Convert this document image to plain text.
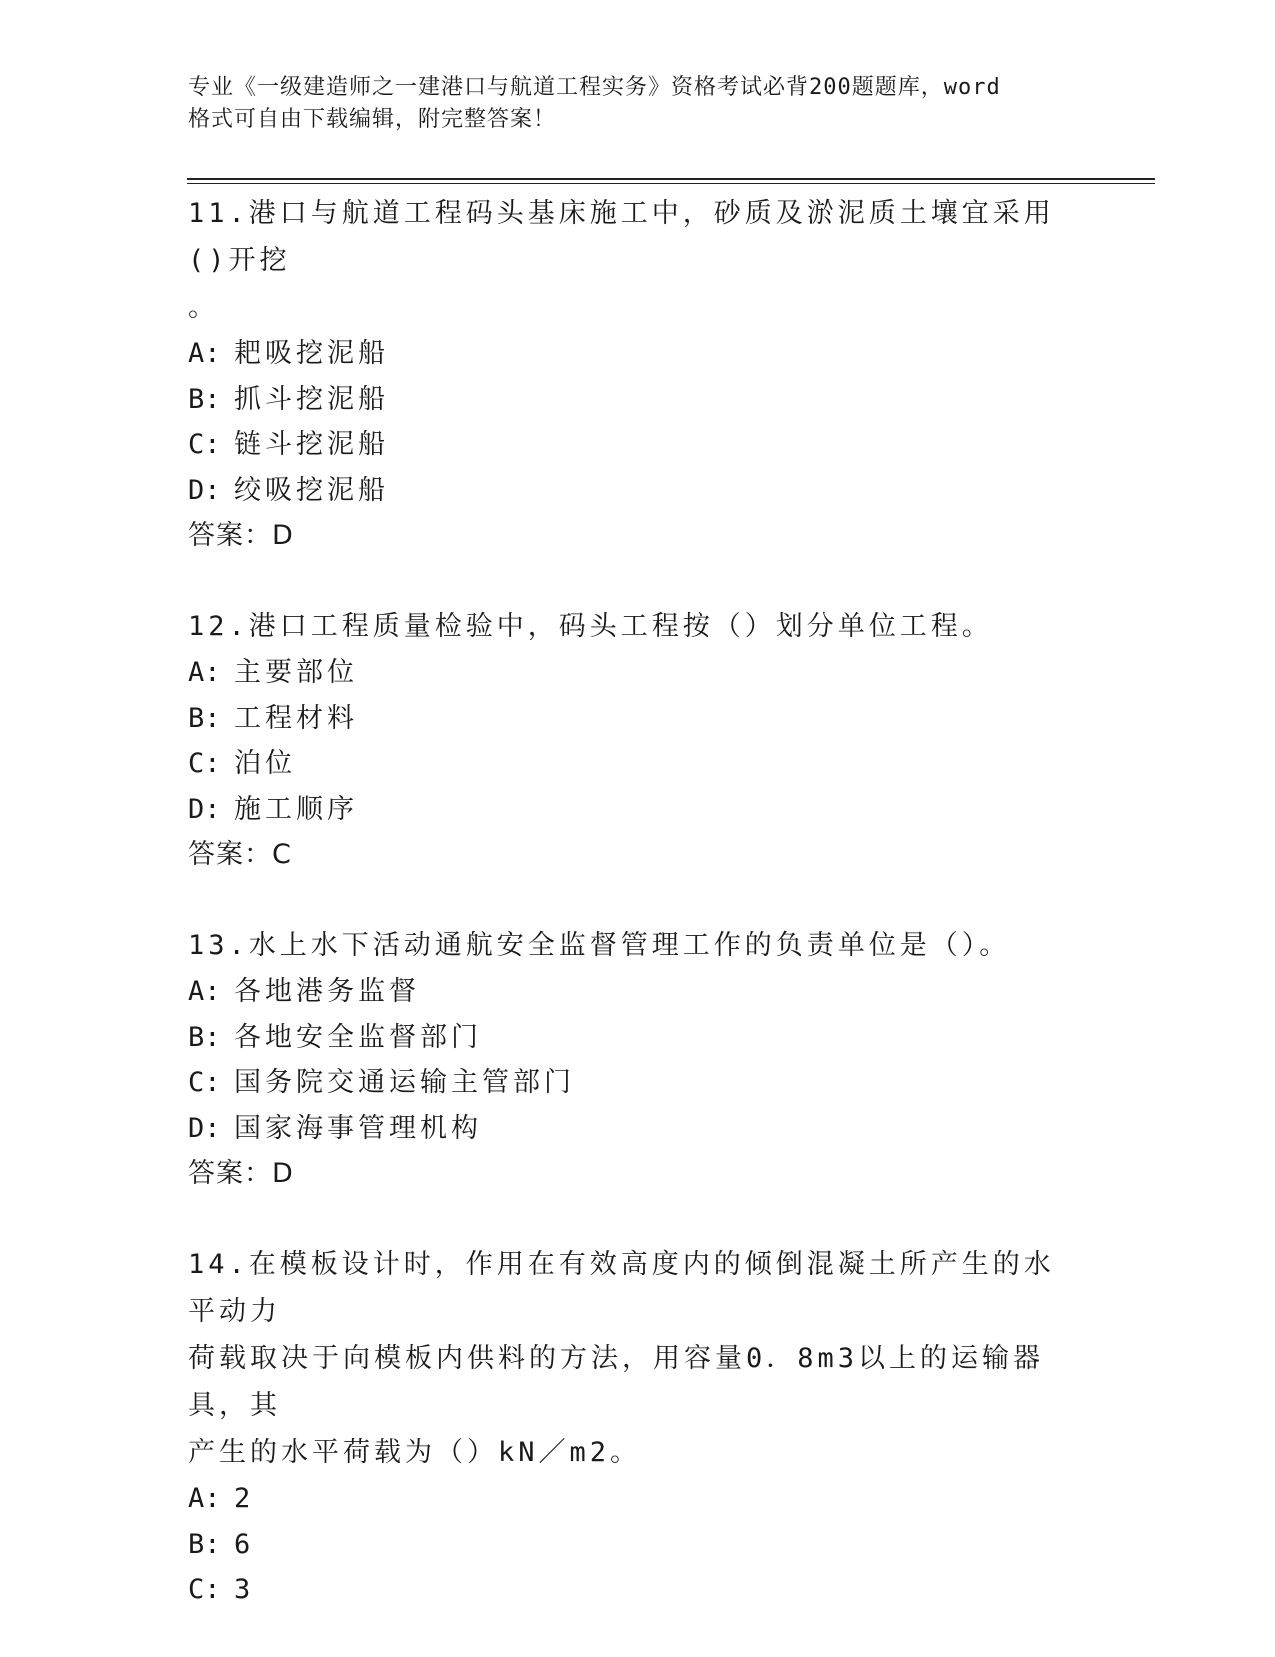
专业《一级建造师之一建港口与航道工程实务》资格考试必背200题题库，word
格式可自由下载编辑，附完整答案！

11.港口与航道工程码头基床施工中，砂质及淤泥质土壤宜采用()开挖

。

A: 耙吸挖泥船

B: 抓斗挖泥船

C: 链斗挖泥船

D: 绞吸挖泥船

答案：D

12.港口工程质量检验中，码头工程按（）划分单位工程。

A: 主要部位

B: 工程材料

C: 泊位

D: 施工顺序

答案：C

13.水上水下活动通航安全监督管理工作的负责单位是（）。

A: 各地港务监督

B: 各地安全监督部门

C: 国务院交通运输主管部门

D: 国家海事管理机构

答案：D

14.在模板设计时，作用在有效高度内的倾倒混凝土所产生的水平动力

荷载取决于向模板内供料的方法，用容量0．8m3以上的运输器具，其

产生的水平荷载为（）kN／m2。

A: 2

B: 6

C: 3
